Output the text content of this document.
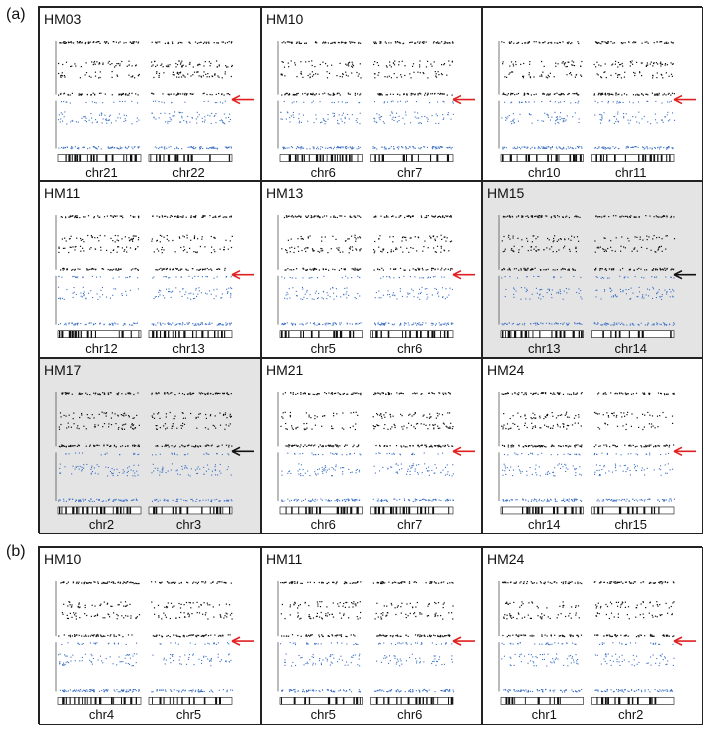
(a)
(b)
HM03
chr21	chr22
HM10
chr6	chr7	chr10	chr11
HM11
chr12	chr13
HM13
chr5	chr6
HM15
chr13	chr14
HM17
chr2	chr3
HM21
chr6	chr7
HM24
chr14	chr15
HM10
chr4	chr5
HM11
chr5	chr6
HM24
chr1	chr2
